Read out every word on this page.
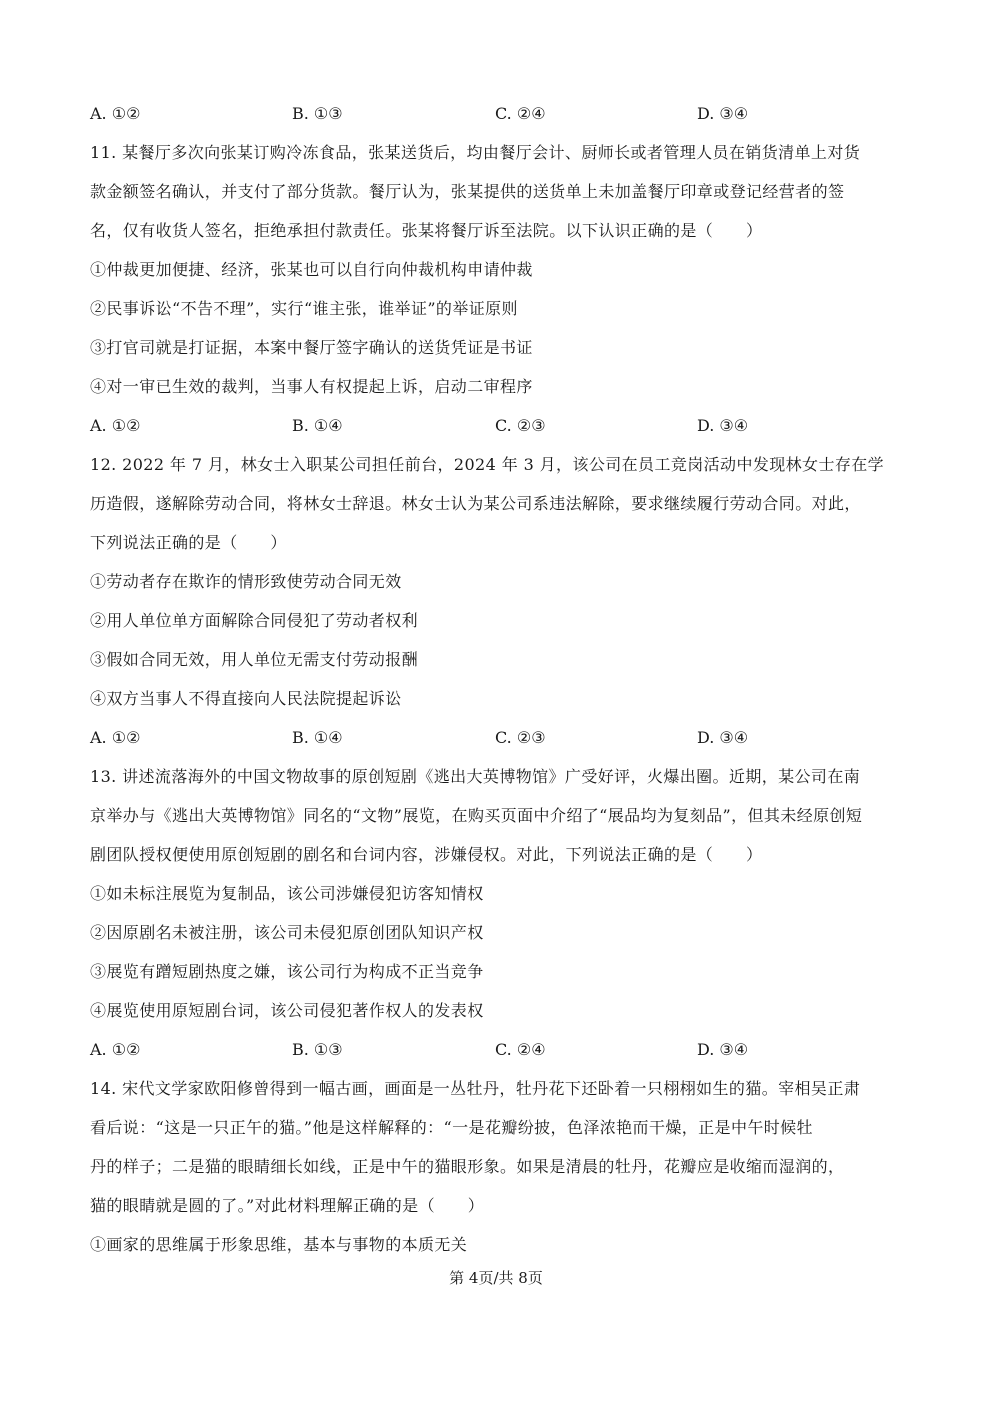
A. ①②	B. ①③	C. ②④	D. ③④
11. 某餐厅多次向张某订购冷冻食品，张某送货后，均由餐厅会计、厨师长或者管理人员在销货清单上对货
款金额签名确认，并支付了部分货款。餐厅认为，张某提供的送货单上未加盖餐厅印章或登记经营者的签
名，仅有收货人签名，拒绝承担付款责任。张某将餐厅诉至法院。以下认识正确的是（　　）
①仲裁更加便捷、经济，张某也可以自行向仲裁机构申请仲裁
②民事诉讼“不告不理”，实行“谁主张，谁举证”的举证原则
③打官司就是打证据，本案中餐厅签字确认的送货凭证是书证
④对一审已生效的裁判，当事人有权提起上诉，启动二审程序
A. ①②	B. ①④	C. ②③	D. ③④
12. 2022 年 7 月，林女士入职某公司担任前台，2024 年 3 月，该公司在员工竞岗活动中发现林女士存在学
历造假，遂解除劳动合同，将林女士辞退。林女士认为某公司系违法解除，要求继续履行劳动合同。对此，
下列说法正确的是（　　）
①劳动者存在欺诈的情形致使劳动合同无效
②用人单位单方面解除合同侵犯了劳动者权利
③假如合同无效，用人单位无需支付劳动报酬
④双方当事人不得直接向人民法院提起诉讼
A. ①②	B. ①④	C. ②③	D. ③④
13. 讲述流落海外的中国文物故事的原创短剧《逃出大英博物馆》广受好评，火爆出圈。近期，某公司在南
京举办与《逃出大英博物馆》同名的“文物”展览，在购买页面中介绍了“展品均为复刻品”，但其未经原创短
剧团队授权便使用原创短剧的剧名和台词内容，涉嫌侵权。对此，下列说法正确的是（　　）
①如未标注展览为复制品，该公司涉嫌侵犯访客知情权
②因原剧名未被注册，该公司未侵犯原创团队知识产权
③展览有蹭短剧热度之嫌，该公司行为构成不正当竞争
④展览使用原短剧台词，该公司侵犯著作权人的发表权
A. ①②	B. ①③	C. ②④	D. ③④
14. 宋代文学家欧阳修曾得到一幅古画，画面是一丛牡丹，牡丹花下还卧着一只栩栩如生的猫。宰相吴正肃
看后说：“这是一只正午的猫。”他是这样解释的：“一是花瓣纷披，色泽浓艳而干燥，正是中午时候牡
丹的样子；二是猫的眼睛细长如线，正是中午的猫眼形象。如果是清晨的牡丹，花瓣应是收缩而湿润的，
猫的眼睛就是圆的了。”对此材料理解正确的是（　　）
①画家的思维属于形象思维，基本与事物的本质无关
第 4页/共 8页
